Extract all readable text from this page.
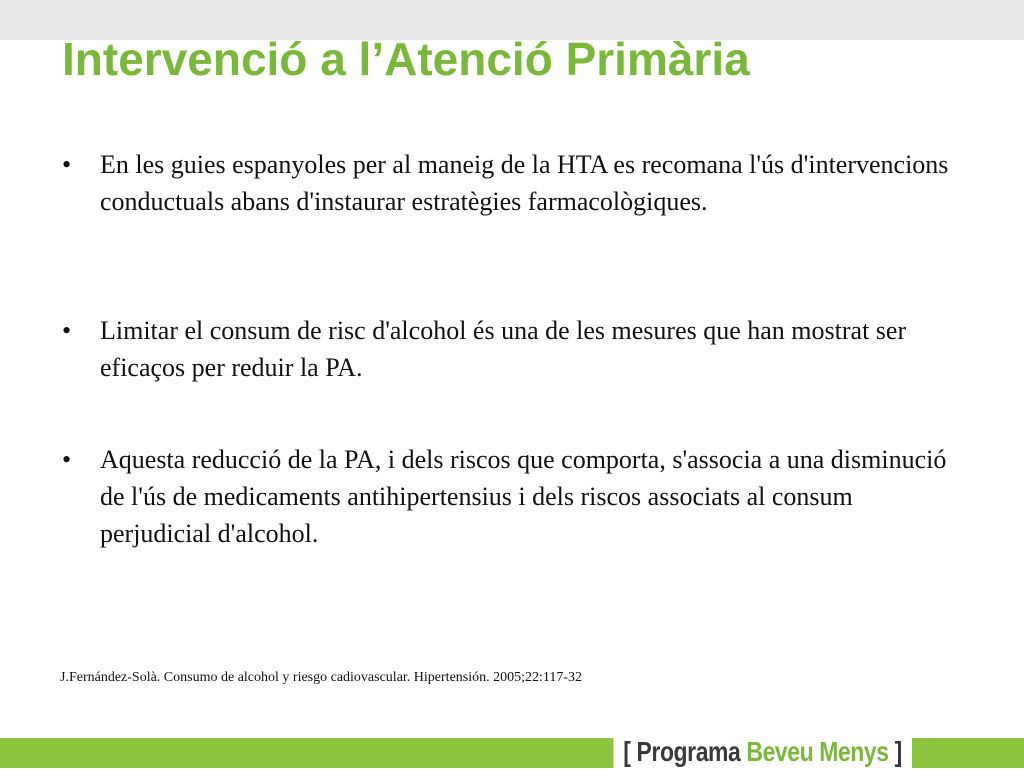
Intervenció a l’Atenció Primària
• En les guies espanyoles per al maneig de la HTA es recomana l'ús d'intervencions conductuals abans d'instaurar estratègies farmacològiques.
• Limitar el consum de risc d'alcohol és una de les mesures que han mostrat ser eficaços per reduir la PA.
• Aquesta reducció de la PA, i dels riscos que comporta, s'associa a una disminució de l'ús de medicaments antihipertensius i dels riscos associats al consum perjudicial d'alcohol.
J.Fernández-Solà. Consumo de alcohol y riesgo cadiovascular. Hipertensión. 2005;22:117-32
[ Programa Beveu Menys ]
